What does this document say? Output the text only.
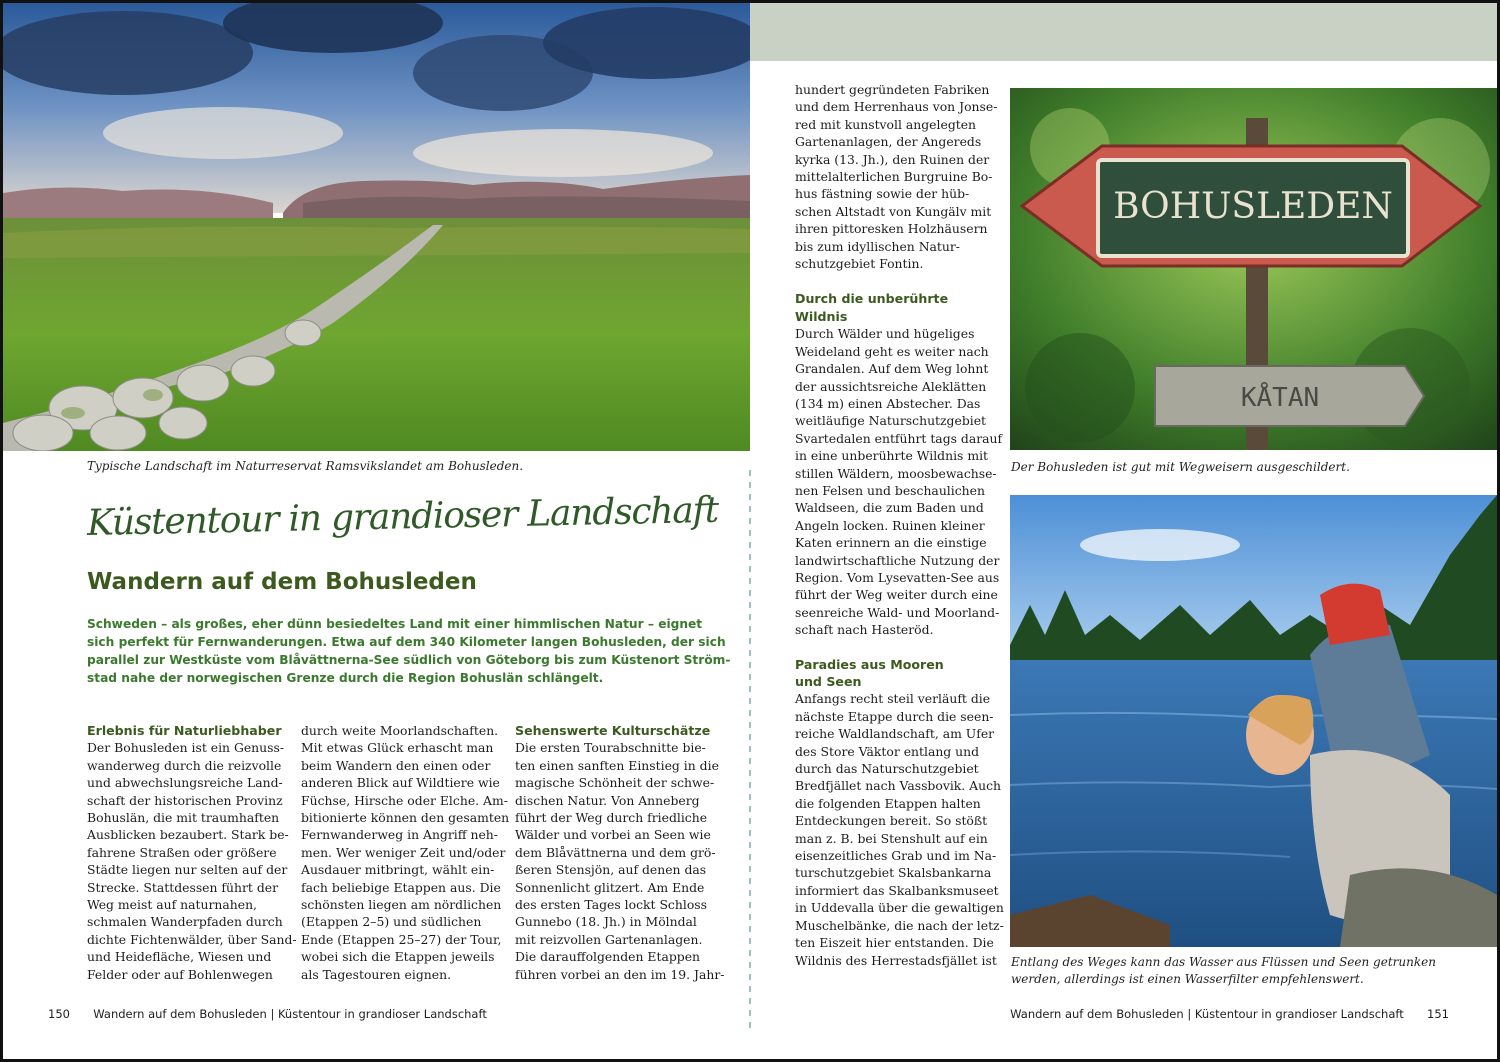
Typische Landschaft im Naturreservat Ramsvikslandet am Bohusleden.
Küstentour in grandioser Landschaft
Wandern auf dem Bohusleden

Schweden – als großes, eher dünn besiedeltes Land mit einer himmlischen Natur – eignet

sich perfekt für Fernwanderungen. Etwa auf dem 340 Kilometer langen Bohusleden, der sich

parallel zur Westküste vom Blåvättnerna-See südlich von Göteborg bis zum Küstenort Ström-

stad nahe der norwegischen Grenze durch die Region Bohuslän schlängelt.

Erlebnis für Naturliebhaber

Der Bohusleden ist ein Genuss-

wanderweg durch die reizvolle

und abwechslungsreiche Land-

schaft der historischen Provinz

Bohuslän, die mit traumhaften

Ausblicken bezaubert. Stark be-

fahrene Straßen oder größere

Städte liegen nur selten auf der

Strecke. Stattdessen führt der

Weg meist auf naturnahen,

schmalen Wanderpfaden durch

dichte Fichtenwälder, über Sand-

und Heidefläche, Wiesen und

Felder oder auf Bohlenwegen

durch weite Moorlandschaften.

Mit etwas Glück erhascht man

beim Wandern den einen oder

anderen Blick auf Wildtiere wie

Füchse, Hirsche oder Elche. Am-

bitionierte können den gesamten

Fernwanderweg in Angriff neh-

men. Wer weniger Zeit und/oder

Ausdauer mitbringt, wählt ein-

fach beliebige Etappen aus. Die

schönsten liegen am nördlichen

(Etappen 2–5) und südlichen

Ende (Etappen 25–27) der Tour,

wobei sich die Etappen jeweils

als Tagestouren eignen.

Sehenswerte Kulturschätze

Die ersten Tourabschnitte bie-

ten einen sanften Einstieg in die

magische Schönheit der schwe-

dischen Natur. Von Anneberg

führt der Weg durch friedliche

Wälder und vorbei an Seen wie

dem Blåvättnerna und dem grö-

ßeren Stensjön, auf denen das

Sonnenlicht glitzert. Am Ende

des ersten Tages lockt Schloss

Gunnebo (18. Jh.) in Mölndal

mit reizvollen Gartenanlagen.

Die darauffolgenden Etappen

führen vorbei an den im 19. Jahr-

150 Wandern auf dem Bohusleden | Küstentour in grandioser Landschaft

hundert gegründeten Fabriken

und dem Herrenhaus von Jonse-

red mit kunstvoll angelegten

Gartenanlagen, der Angereds

kyrka (13. Jh.), den Ruinen der

mittelalterlichen Burgruine Bo-

hus fästning sowie der hüb-

schen Altstadt von Kungälv mit

ihren pittoresken Holzhäusern

bis zum idyllischen Natur-

schutzgebiet Fontin.

Durch die unberührte

Wildnis

Durch Wälder und hügeliges

Weideland geht es weiter nach

Grandalen. Auf dem Weg lohnt

der aussichtsreiche Aleklätten

(134 m) einen Abstecher. Das

weitläufige Naturschutzgebiet

Svartedalen entführt tags darauf

in eine unberührte Wildnis mit

stillen Wäldern, moosbewachse-

nen Felsen und beschaulichen

Waldseen, die zum Baden und

Angeln locken. Ruinen kleiner

Katen erinnern an die einstige

landwirtschaftliche Nutzung der

Region. Vom Lysevatten-See aus

führt der Weg weiter durch eine

seenreiche Wald- und Moorland-

schaft nach Hasteröd.

Paradies aus Mooren

und Seen

Anfangs recht steil verläuft die

nächste Etappe durch die seen-

reiche Waldlandschaft, am Ufer

des Store Väktor entlang und

durch das Naturschutzgebiet

Bredfjället nach Vassbovik. Auch

die folgenden Etappen halten

Entdeckungen bereit. So stößt

man z. B. bei Stenshult auf ein

eisenzeitliches Grab und im Na-

turschutzgebiet Skalsbankarna

informiert das Skalbanksmuseet

in Uddevalla über die gewaltigen

Muschelbänke, die nach der letz-

ten Eiszeit hier entstanden. Die

Wildnis des Herrestadsfjället ist

BOHUSLEDEN
KÅTAN
Der Bohusleden ist gut mit Wegweisern ausgeschildert.

Entlang des Weges kann das Wasser aus Flüssen und Seen getrunken

werden, allerdings ist einen Wasserfilter empfehlenswert.

Wandern auf dem Bohusleden | Küstentour in grandioser Landschaft 151
